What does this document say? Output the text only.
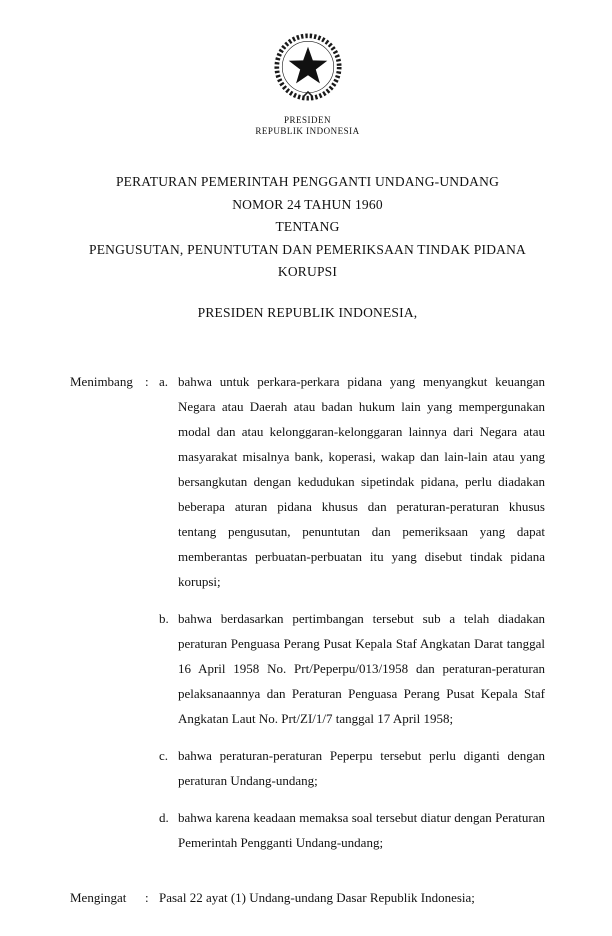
PRESIDEN
REPUBLIK INDONESIA
PERATURAN PEMERINTAH PENGGANTI UNDANG-UNDANG
NOMOR 24 TAHUN 1960
TENTANG
PENGUSUTAN, PENUNTUTAN DAN PEMERIKSAAN TINDAK PIDANA
KORUPSI
PRESIDEN REPUBLIK INDONESIA,
Menimbang : a. bahwa untuk perkara-perkara pidana yang menyangkut keuangan Negara atau Daerah atau badan hukum lain yang mempergunakan modal dan atau kelonggaran-kelonggaran lainnya dari Negara atau masyarakat misalnya bank, koperasi, wakap dan lain-lain atau yang bersangkutan dengan kedudukan sipetindak pidana, perlu diadakan beberapa aturan pidana khusus dan peraturan-peraturan khusus tentang pengusutan, penuntutan dan pemeriksaan yang dapat memberantas perbuatan-perbuatan itu yang disebut tindak pidana korupsi;

b. bahwa berdasarkan pertimbangan tersebut sub a telah diadakan peraturan Penguasa Perang Pusat Kepala Staf Angkatan Darat tanggal 16 April 1958 No. Prt/Peperpu/013/1958 dan peraturan-peraturan pelaksanaannya dan Peraturan Penguasa Perang Pusat Kepala Staf Angkatan Laut No. Prt/ZI/1/7 tanggal 17 April 1958;

c. bahwa peraturan-peraturan Peperpu tersebut perlu diganti dengan peraturan Undang-undang;

d. bahwa karena keadaan memaksa soal tersebut diatur dengan Peraturan Pemerintah Pengganti Undang-undang;

Mengingat	: Pasal 22 ayat (1) Undang-undang Dasar Republik Indonesia;
